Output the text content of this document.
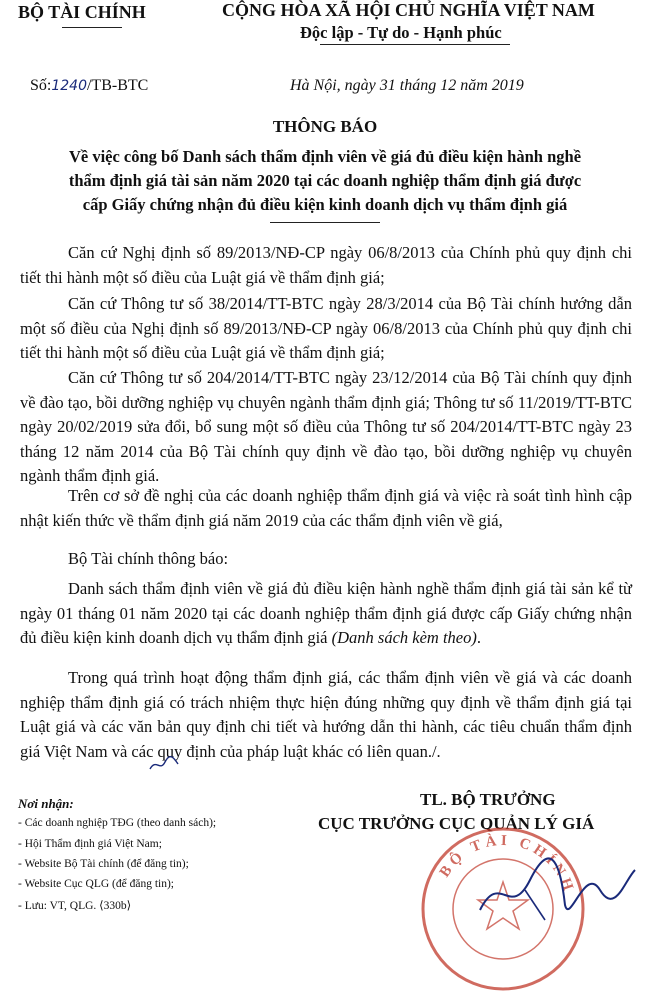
BỘ TÀI CHÍNH	CỘNG HÒA XÃ HỘI CHỦ NGHĨA VIỆT NAM
Độc lập - Tự do - Hạnh phúc
Số:1240/TB-BTC	Hà Nội, ngày 31 tháng 12 năm 2019
THÔNG BÁO
Về việc công bố Danh sách thẩm định viên về giá đủ điều kiện hành nghề
thẩm định giá tài sản năm 2020 tại các doanh nghiệp thẩm định giá được
cấp Giấy chứng nhận đủ điều kiện kinh doanh dịch vụ thẩm định giá

Căn cứ Nghị định số 89/2013/NĐ-CP ngày 06/8/2013 của Chính phủ quy định chi tiết thi hành một số điều của Luật giá về thẩm định giá;

Căn cứ Thông tư số 38/2014/TT-BTC ngày 28/3/2014 của Bộ Tài chính hướng dẫn một số điều của Nghị định số 89/2013/NĐ-CP ngày 06/8/2013 của Chính phủ quy định chi tiết thi hành một số điều của Luật giá về thẩm định giá;

Căn cứ Thông tư số 204/2014/TT-BTC ngày 23/12/2014 của Bộ Tài chính quy định về đào tạo, bồi dưỡng nghiệp vụ chuyên ngành thẩm định giá; Thông tư số 11/2019/TT-BTC ngày 20/02/2019 sửa đổi, bổ sung một số điều của Thông tư số 204/2014/TT-BTC ngày 23 tháng 12 năm 2014 của Bộ Tài chính quy định về đào tạo, bồi dưỡng nghiệp vụ chuyên ngành thẩm định giá.

Trên cơ sở đề nghị của các doanh nghiệp thẩm định giá và việc rà soát tình hình cập nhật kiến thức về thẩm định giá năm 2019 của các thẩm định viên về giá,

Bộ Tài chính thông báo:

Danh sách thẩm định viên về giá đủ điều kiện hành nghề thẩm định giá tài sản kể từ ngày 01 tháng 01 năm 2020 tại các doanh nghiệp thẩm định giá được cấp Giấy chứng nhận đủ điều kiện kinh doanh dịch vụ thẩm định giá (Danh sách kèm theo).

Trong quá trình hoạt động thẩm định giá, các thẩm định viên về giá và các doanh nghiệp thẩm định giá có trách nhiệm thực hiện đúng những quy định về thẩm định giá tại Luật giá và các văn bản quy định chi tiết và hướng dẫn thi hành, các tiêu chuẩn thẩm định giá Việt Nam và các quy định của pháp luật khác có liên quan./.

Nơi nhận:
- Các doanh nghiệp TĐG (theo danh sách);
- Hội Thẩm định giá Việt Nam;
- Website Bộ Tài chính (để đăng tin);
- Website Cục QLG (để đăng tin);
- Lưu: VT, QLG. ⟨330b⟩
TL. BỘ TRƯỞNG
CỤC TRƯỞNG CỤC QUẢN LÝ GIÁ
BỘ TÀI CHÍNH
